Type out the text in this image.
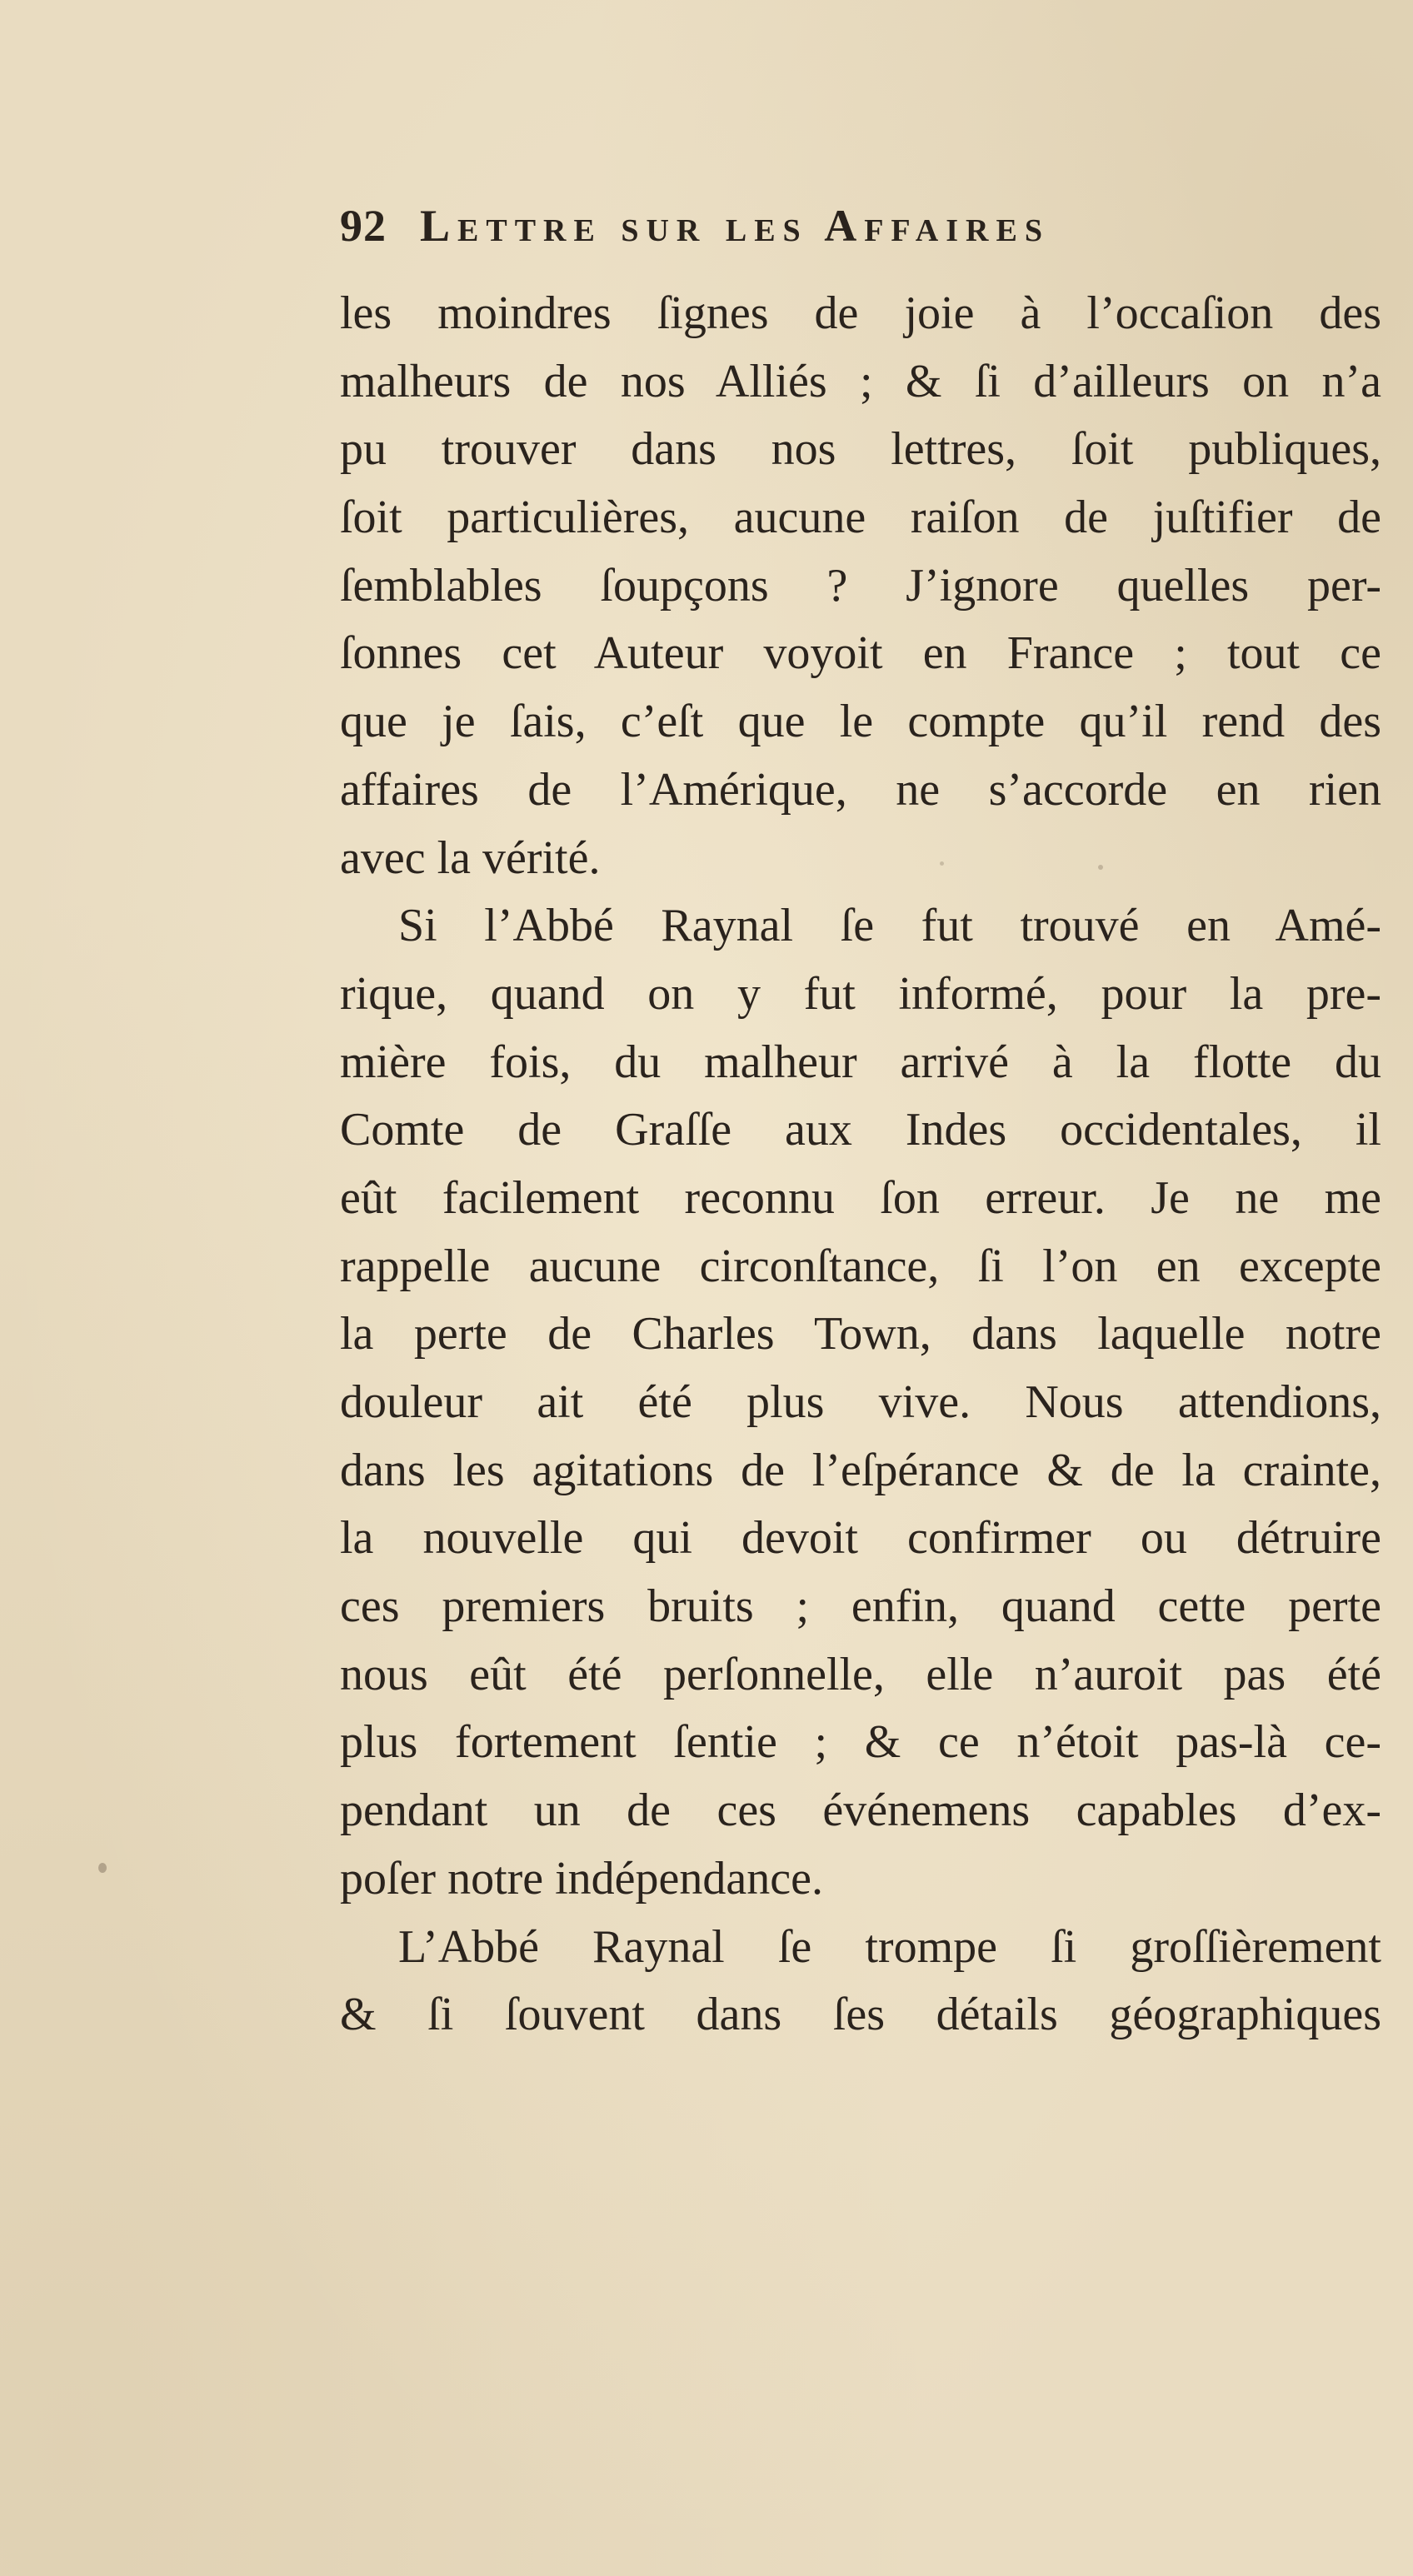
92 Lettre sur les Affaires
les moindres ſignes de joie à l’occaſion des
malheurs de nos Alliés ; & ſi d’ailleurs on n’a
pu trouver dans nos lettres, ſoit publiques,
ſoit particulières, aucune raiſon de juſtifier de
ſemblables ſoupçons ? J’ignore quelles per-
ſonnes cet Auteur voyoit en France ; tout ce
que je ſais, c’eſt que le compte qu’il rend des
affaires de l’Amérique, ne s’accorde en rien
avec la vérité.
Si l’Abbé Raynal ſe fut trouvé en Amé-
rique, quand on y fut informé, pour la pre-
mière fois, du malheur arrivé à la flotte du
Comte de Graſſe aux Indes occidentales, il
eût facilement reconnu ſon erreur. Je ne me
rappelle aucune circonſtance, ſi l’on en excepte
la perte de Charles Town, dans laquelle notre
douleur ait été plus vive. Nous attendions,
dans les agitations de l’eſpérance & de la crainte,
la nouvelle qui devoit confirmer ou détruire
ces premiers bruits ; enfin, quand cette perte
nous eût été perſonnelle, elle n’auroit pas été
plus fortement ſentie ; & ce n’étoit pas-là ce-
pendant un de ces événemens capables d’ex-
poſer notre indépendance.
L’Abbé Raynal ſe trompe ſi groſſièrement
& ſi ſouvent dans ſes détails géographiques
